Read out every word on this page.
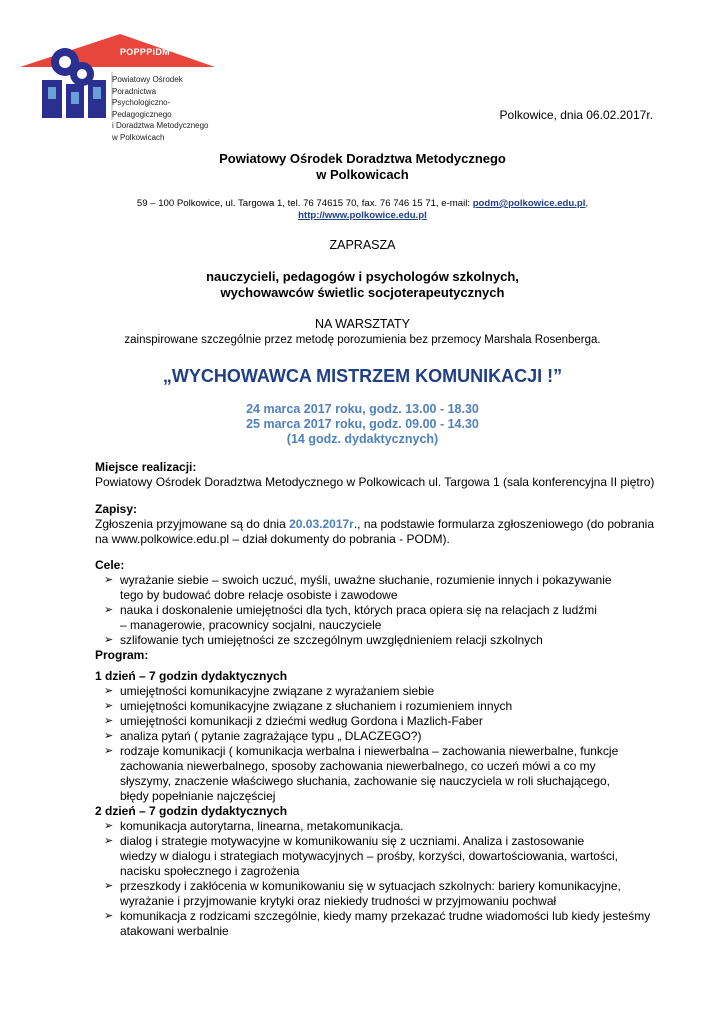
POPPPiDM
Powiatowy Ośrodek Poradnictwa
Psychologiczno-Pedagogicznego
i Doradztwa Metodycznego
w Polkowicach
Polkowice, dnia 06.02.2017r.
Powiatowy Ośrodek Doradztwa Metodycznego
w Polkowicach
59 – 100 Polkowice, ul. Targowa 1, tel. 76 74615 70, fax. 76 746 15 71, e-mail: podm@polkowice.edu.pl,
http://www.polkowice.edu.pl
ZAPRASZA
nauczycieli, pedagogów i psychologów szkolnych,
wychowawców świetlic socjoterapeutycznych
NA WARSZTATY
zainspirowane szczególnie przez metodę porozumienia bez przemocy Marshala Rosenberga.
„WYCHOWAWCA MISTRZEM KOMUNIKACJI !”
24 marca 2017 roku, godz. 13.00 - 18.30
25 marca 2017 roku, godz. 09.00 - 14.30
(14 godz. dydaktycznych)
Miejsce realizacji:
Powiatowy Ośrodek Doradztwa Metodycznego w Polkowicach ul. Targowa 1 (sala konferencyjna II piętro)
Zapisy:
Zgłoszenia przyjmowane są do dnia 20.03.2017r., na podstawie formularza zgłoszeniowego (do pobrania
na www.polkowice.edu.pl – dział dokumenty do pobrania - PODM).
Cele:
➢ wyrażanie siebie – swoich uczuć, myśli, uważne słuchanie, rozumienie innych i pokazywanie
tego by budować dobre relacje osobiste i zawodowe
➢ nauka i doskonalenie umiejętności dla tych, których praca opiera się na relacjach z ludźmi
– managerowie, pracownicy socjalni, nauczyciele
➢ szlifowanie tych umiejętności ze szczególnym uwzględnieniem relacji szkolnych
Program:
1 dzień – 7 godzin dydaktycznych
➢ umiejętności komunikacyjne związane z wyrażaniem siebie
➢ umiejętności komunikacyjne związane z słuchaniem i rozumieniem innych
➢ umiejętności komunikacji z dziećmi według Gordona i Mazlich-Faber
➢ analiza pytań ( pytanie zagrażające typu „ DLACZEGO?)
➢ rodzaje komunikacji ( komunikacja werbalna i niewerbalna – zachowania niewerbalne, funkcje
zachowania niewerbalnego, sposoby zachowania niewerbalnego, co uczeń mówi a co my
słyszymy, znaczenie właściwego słuchania, zachowanie się nauczyciela w roli słuchającego,
błędy popełnianie najczęściej
2 dzień – 7 godzin dydaktycznych
➢ komunikacja autorytarna, linearna, metakomunikacja.
➢ dialog i strategie motywacyjne w komunikowaniu się z uczniami. Analiza i zastosowanie
wiedzy w dialogu i strategiach motywacyjnych – prośby, korzyści, dowartościowania, wartości,
nacisku społecznego i zagrożenia
➢ przeszkody i zakłócenia w komunikowaniu się w sytuacjach szkolnych: bariery komunikacyjne,
wyrażanie i przyjmowanie krytyki oraz niekiedy trudności w przyjmowaniu pochwał
➢ komunikacja z rodzicami szczególnie, kiedy mamy przekazać trudne wiadomości lub kiedy jesteśmy
atakowani werbalnie
